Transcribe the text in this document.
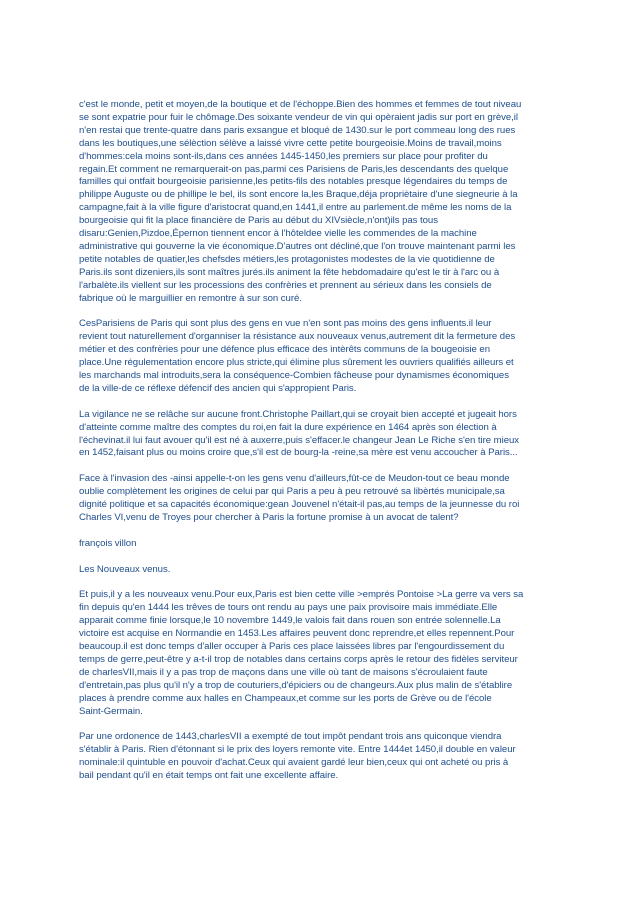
c'est le monde, petit et moyen,de la boutique et de l'échoppe.Bien des hommes et femmes de tout niveau
se sont expatrie pour fuir le chômage.Des soixante vendeur de vin qui opèraient jadis sur port en grève,il
n'en restai que trente-quatre dans paris exsangue et bloqué de 1430.sur le port commeau long des rues
dans les boutiques,une sélèction sélève a laissé vivre cette petite bourgeoisie.Moins de travail,moins
d'hommes:cela moins sont-ils,dans ces années 1445-1450,les premiers sur place pour profiter du
regain.Et comment ne remarquerait-on pas,parmi ces Parisiens de Paris,les descendants des quelque
familles qui ontfait bourgeoisie parisienne,les petits-fils des notables presque légendaires du temps de
philippe Auguste ou de phillipe le bel, ils sont encore la,les Braque,déja propriètaire d'une siegneurie à la
campagne,fait à la ville figure d'aristocrat quand,en 1441,il entre au parlement.de même les noms de la
bourgeoisie qui fit la place financière de Paris au début du XIVsiècle,n'ont)ils pas tous
disaru:Genien,Pizdoe,Épernon tiennent encor à l'hôteldee vielle les commendes de la machine
administrative qui gouverne la vie économique.D'autres ont décliné,que l'on trouve maintenant parmi les
petite notables de quatier,les chefsdes métiers,les protagonistes modestes de la vie quotidienne de
Paris.ils sont dizeniers,ils sont maîtres jurés.ils animent la fête hebdomadaire qu'est le tir à l'arc ou à
l'arbalète.ils viellent sur les processions des confrèries et prennent au sérieux dans les consiels de
fabrique où le marguillier en remontre à sur son curé.

CesParisiens de Paris qui sont plus des gens en vue n'en sont pas moins des gens influents.il leur
revient tout naturellement d'organniser la résistance aux nouveaux venus,autrement dit la fermeture des
métier et des confrèries pour une défence plus efficace des intèrêts communs de la bougeoisie en
place.Une régulementation encore plus stricte,qui élimine plus sûrement les ouvriers qualifiés ailleurs et
les marchands mal introduits,sera la conséquence-Combien fâcheuse pour dynamismes économiques
de la ville-de ce réflexe défencif des ancien qui s'appropient Paris.

La vigilance ne se relâche sur aucune front.Christophe Paillart,qui se croyait bien accepté et jugeait hors
d'atteinte comme maître des comptes du roi,en fait la dure expérience en 1464 après son élection à
l'échevinat.il lui faut avouer qu'il est né à auxerre,puis s'effacer.le changeur Jean Le Riche s'en tire mieux
en 1452,faisant plus ou moins croire que,s'il est de bourg-la -reine,sa mère est venu accoucher à Paris...

Face à l'invasion des -ainsi appelle-t-on les gens venu d'ailleurs,fût-ce de Meudon-tout ce beau monde
oublie complètement les origines de celui par qui Paris a peu à peu retrouvé sa libèrtés municipale,sa
dignité politique et sa capacités économique:gean Jouvenel n'était-il pas,au temps de la jeunnesse du roi
Charles VI,venu de Troyes pour chercher à Paris la fortune promise à un avocat de talent?

françois villon

Les Nouveaux venus.

Et puis,il y a les nouveaux venu.Pour eux,Paris est bien cette ville >emprés Pontoise >La gerre va vers sa
fin depuis qu'en 1444 les trêves de tours ont rendu au pays une paix provisoire mais immédiate.Elle
apparait comme finie lorsque,le 10 novembre 1449,le valois fait dans rouen son entrée solennelle.La
victoire est acquise en Normandie en 1453.Les affaires peuvent donc reprendre,et elles repennent.Pour
beaucoup.il est donc temps d'aller occuper à Paris ces place laissées libres par l'engourdissement du
temps de gerre,peut-être y a-t-il trop de notables dans certains corps après le retour des fidèles serviteur
de charlesVII,mais il y a pas trop de maçons dans une ville où tant de maisons s'écroulaient faute
d'entretain,pas plus qu'il n'y a trop de couturiers,d'épiciers ou de changeurs.Aux plus malin de s'établire
places à prendre comme aux halles en Champeaux,et comme sur les ports de Grève ou de l'école
Saint-Germain.

Par une ordonence de 1443,charlesVII a exempté de tout impôt pendant trois ans quiconque viendra
s'établir à Paris. Rien d'étonnant si le prix des loyers remonte vite. Entre 1444et 1450,il double en valeur
nominale:il quintuble en pouvoir d'achat.Ceux qui avaient gardé leur bien,ceux qui ont acheté ou pris à
bail pendant qu'il en était temps ont fait une excellente affaire.
